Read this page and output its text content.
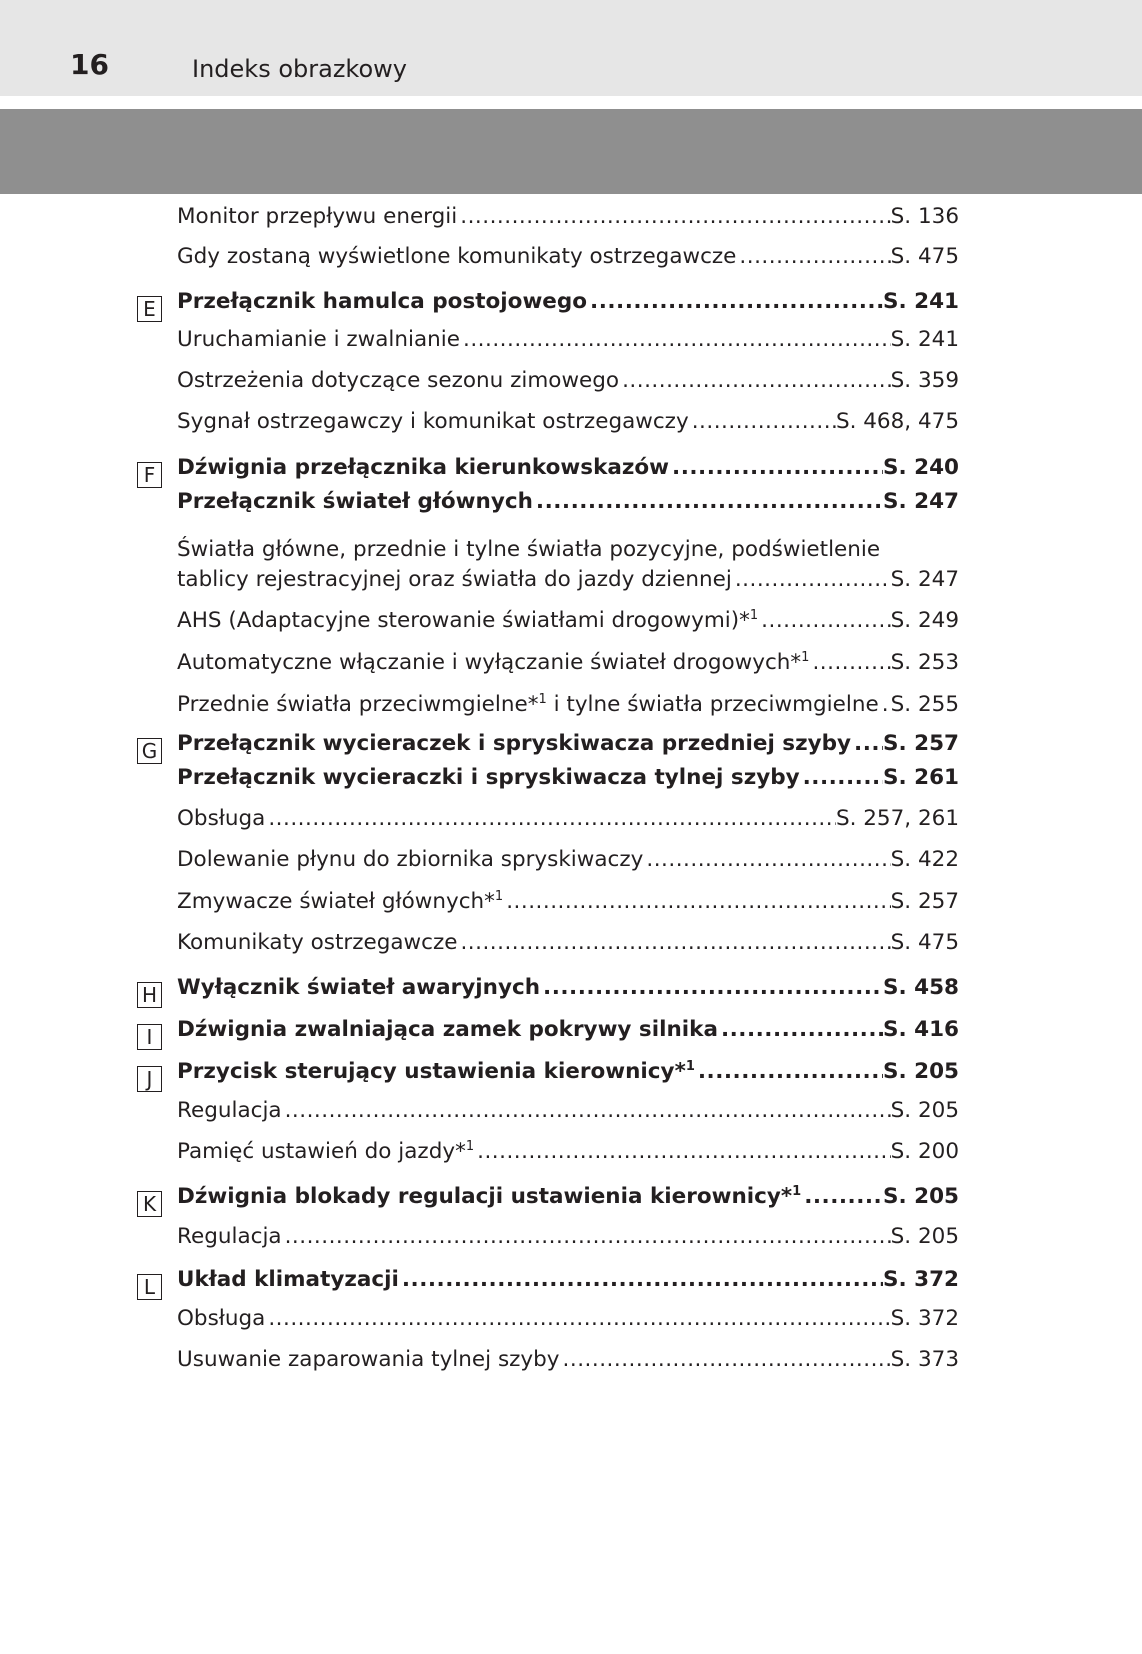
16	Indeks obrazkowy
Monitor przepływu energii .....	S. 136
Gdy zostaną wyświetlone komunikaty ostrzegawcze .....	S. 475
E Przełącznik hamulca postojowego .....	S. 241
Uruchamianie i zwalnianie .....	S. 241
Ostrzeżenia dotyczące sezonu zimowego .....	S. 359
Sygnał ostrzegawczy i komunikat ostrzegawczy .....	S. 468, 475
F	Dźwignia przełącznika kierunkowskazów .....	S. 240
Przełącznik świateł głównych .....	S. 247
Światła główne, przednie i tylne światła pozycyjne, podświetlenie
tablicy rejestracyjnej oraz światła do jazdy dziennej .....	S. 247
AHS (Adaptacyjne sterowanie światłami drogowymi)*$^1$ .....	S. 249
Automatyczne włączanie i wyłączanie świateł drogowych*$^1$ .....	S. 253
Przednie światła przeciwmgielne*$^1$ i tylne światła przeciwmgielne ..... S. 255
G Przełącznik wycieraczek i spryskiwacza przedniej szyby ..... S. 257
Przełącznik wycieraczki i spryskiwacza tylnej szyby .....	S. 261
Obsługa .....	S. 257, 261
Dolewanie płynu do zbiornika spryskiwaczy .....	S. 422
Zmywacze świateł głównych*$^1$ .....	S. 257
Komunikaty ostrzegawcze .....	S. 475
H Wyłącznik świateł awaryjnych .....	S. 458
I	Dźwignia zwalniająca zamek pokrywy silnika .....	S. 416
J	Przycisk sterujący ustawienia kierownicy*$^1$ .....	S. 205
Regulacja .....	S. 205
Pamięć ustawień do jazdy*$^1$ .....	S. 200
K Dźwignia blokady regulacji ustawienia kierownicy*$^1$ .....	S. 205
Regulacja .....	S. 205
L	Układ klimatyzacji .....	S. 372
Obsługa .....	S. 372
Usuwanie zaparowania tylnej szyby .....	S. 373
